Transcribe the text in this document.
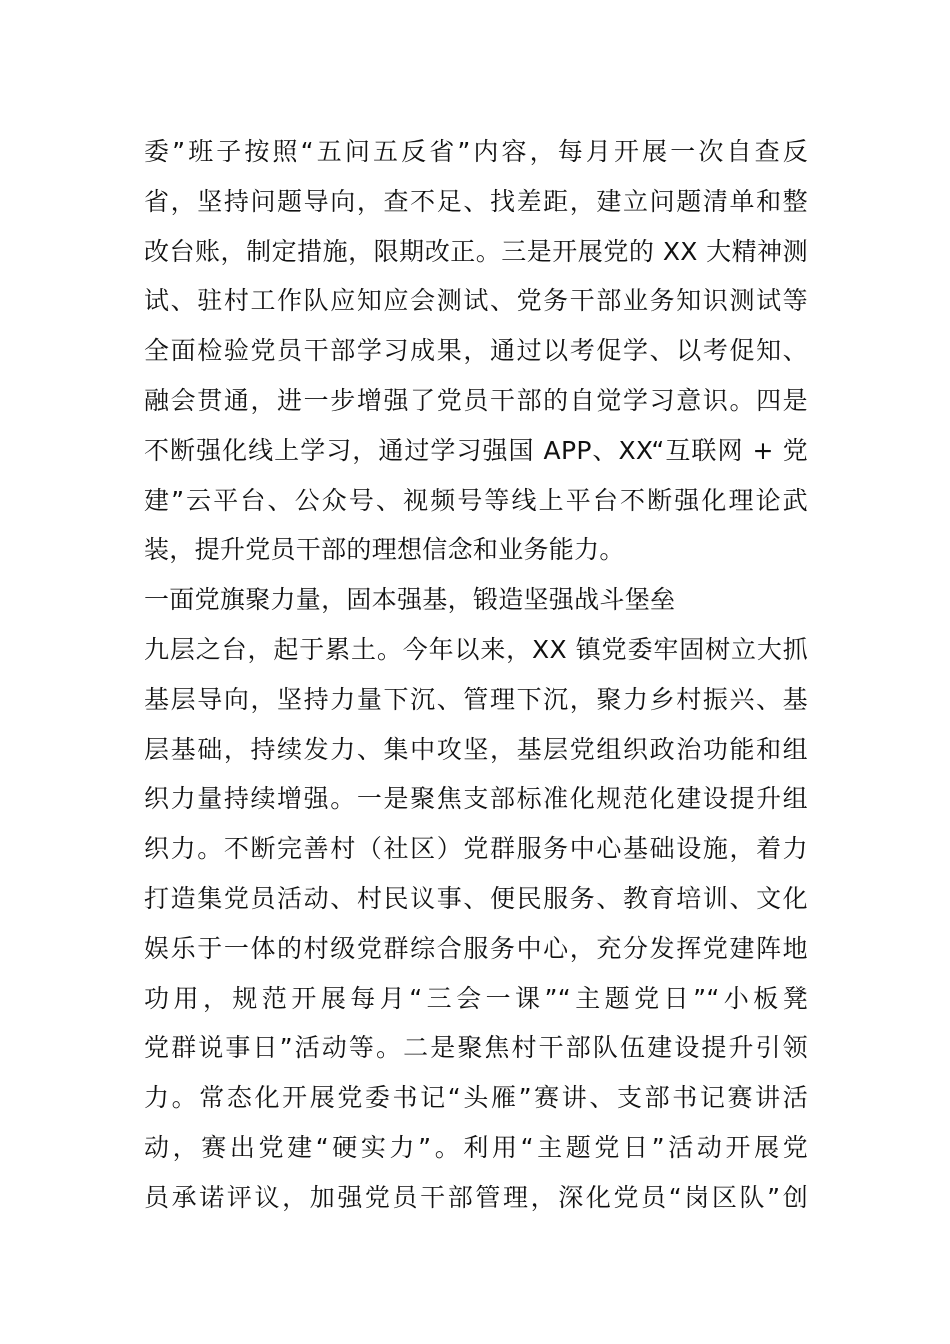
委”班子按照“五问五反省”内容，每月开展一次自查反
省，坚持问题导向，查不足、找差距，建立问题清单和整
改台账，制定措施，限期改正。三是开展党的 XX 大精神测
试、驻村工作队应知应会测试、党务干部业务知识测试等
全面检验党员干部学习成果，通过以考促学、以考促知、
融会贯通，进一步增强了党员干部的自觉学习意识。四是
不断强化线上学习，通过学习强国 APP、XX“互联网 + 党
建”云平台、公众号、视频号等线上平台不断强化理论武
装，提升党员干部的理想信念和业务能力。
一面党旗聚力量，固本强基，锻造坚强战斗堡垒
九层之台，起于累土。今年以来，XX 镇党委牢固树立大抓
基层导向，坚持力量下沉、管理下沉，聚力乡村振兴、基
层基础，持续发力、集中攻坚，基层党组织政治功能和组
织力量持续增强。一是聚焦支部标准化规范化建设提升组
织力。不断完善村（社区）党群服务中心基础设施，着力
打造集党员活动、村民议事、便民服务、教育培训、文化
娱乐于一体的村级党群综合服务中心，充分发挥党建阵地
功用，规范开展每月“三会一课”“主题党日”“小板凳
党群说事日”活动等。二是聚焦村干部队伍建设提升引领
力。常态化开展党委书记“头雁”赛讲、支部书记赛讲活
动，赛出党建“硬实力”。利用“主题党日”活动开展党
员承诺评议，加强党员干部管理，深化党员“岗区队”创
